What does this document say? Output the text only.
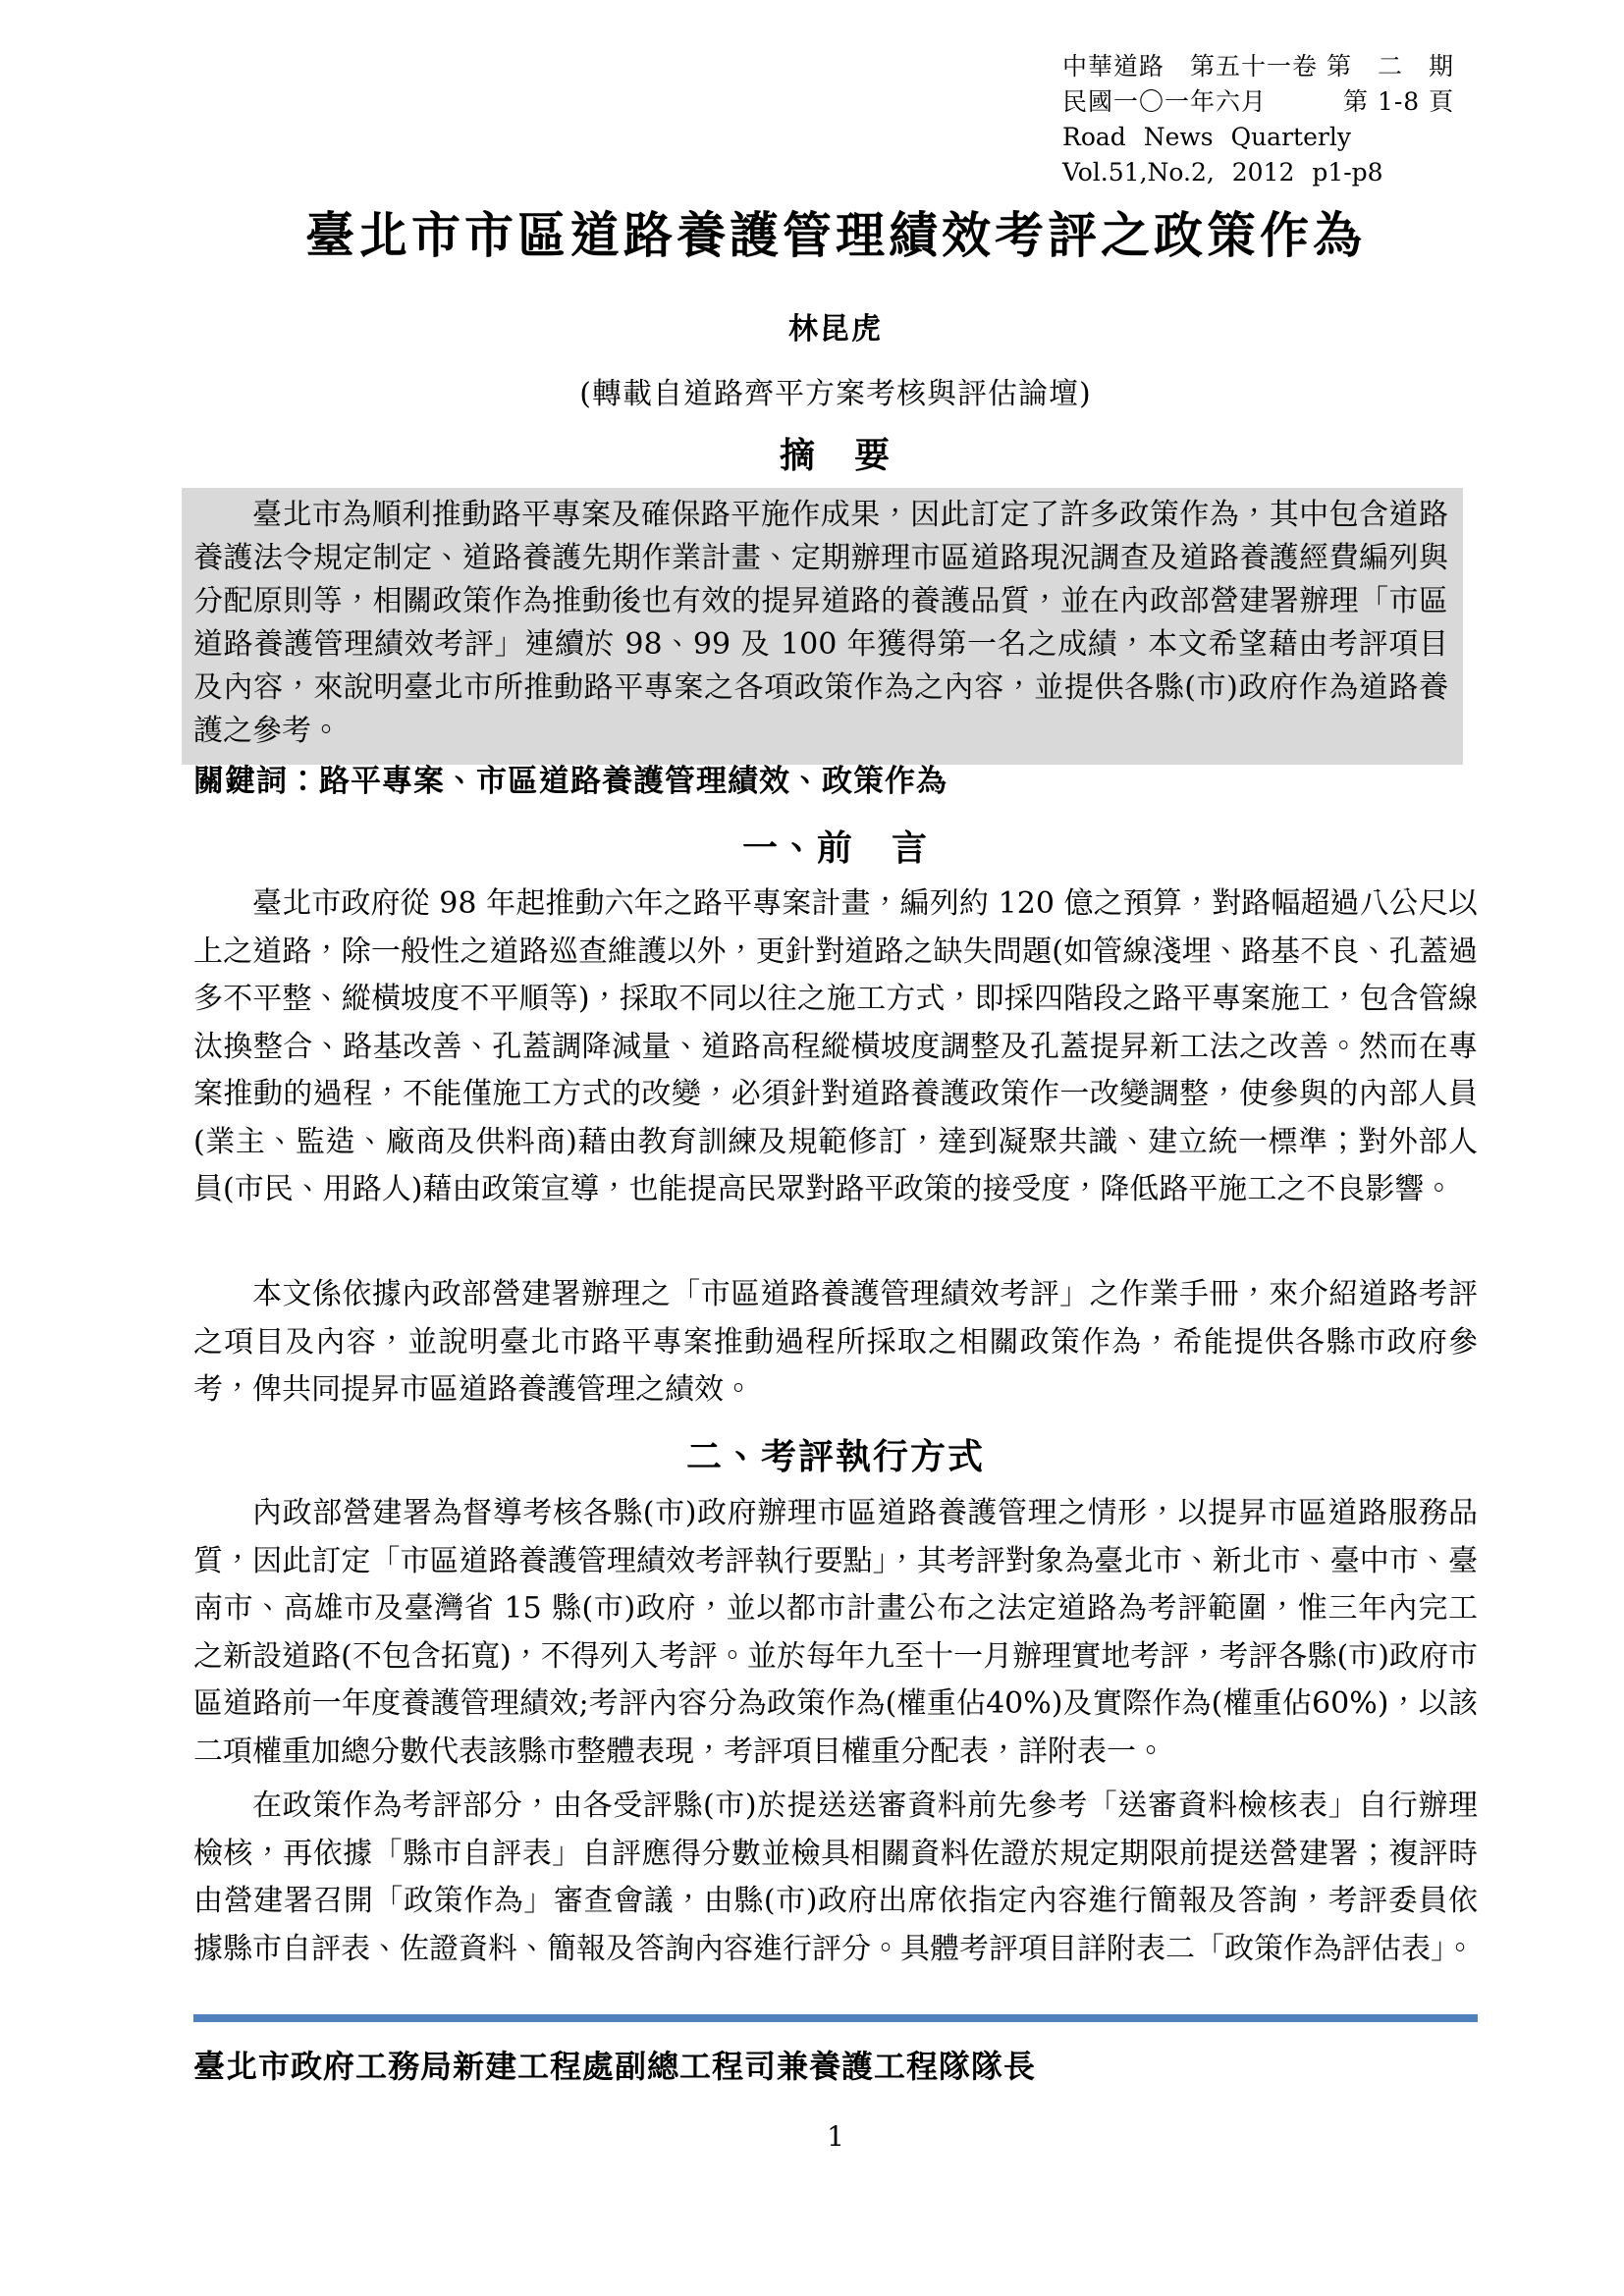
中華道路　第五十一卷 第　二　期
民國一〇一年六月　　　第 1-8 頁
Road News Quarterly
Vol.51,No.2, 2012 p1-p8
臺北市市區道路養護管理績效考評之政策作為
林昆虎
(轉載自道路齊平方案考核與評估論壇)
摘　要
臺北市為順利推動路平專案及確保路平施作成果，因此訂定了許多政策作為，其中包含道路養護法令規定制定、道路養護先期作業計畫、定期辦理市區道路現況調查及道路養護經費編列與分配原則等，相關政策作為推動後也有效的提昇道路的養護品質，並在內政部營建署辦理「市區道路養護管理績效考評」連續於 98、99 及 100 年獲得第一名之成績，本文希望藉由考評項目及內容，來說明臺北市所推動路平專案之各項政策作為之內容，並提供各縣(市)政府作為道路養護之參考。
關鍵詞：路平專案、市區道路養護管理績效、政策作為
一、前　言
臺北市政府從 98 年起推動六年之路平專案計畫，編列約 120 億之預算，對路幅超過八公尺以上之道路，除一般性之道路巡查維護以外，更針對道路之缺失問題(如管線淺埋、路基不良、孔蓋過多不平整、縱橫坡度不平順等)，採取不同以往之施工方式，即採四階段之路平專案施工，包含管線汰換整合、路基改善、孔蓋調降減量、道路高程縱橫坡度調整及孔蓋提昇新工法之改善。然而在專案推動的過程，不能僅施工方式的改變，必須針對道路養護政策作一改變調整，使參與的內部人員(業主、監造、廠商及供料商)藉由教育訓練及規範修訂，達到凝聚共識、建立統一標準；對外部人員(市民、用路人)藉由政策宣導，也能提高民眾對路平政策的接受度，降低路平施工之不良影響。
本文係依據內政部營建署辦理之「市區道路養護管理績效考評」之作業手冊，來介紹道路考評之項目及內容，並說明臺北市路平專案推動過程所採取之相關政策作為，希能提供各縣市政府參考，俾共同提昇市區道路養護管理之績效。
二、考評執行方式
內政部營建署為督導考核各縣(市)政府辦理市區道路養護管理之情形，以提昇市區道路服務品質，因此訂定「市區道路養護管理績效考評執行要點」，其考評對象為臺北市、新北市、臺中市、臺南市、高雄市及臺灣省 15 縣(市)政府，並以都市計畫公布之法定道路為考評範圍，惟三年內完工之新設道路(不包含拓寬)，不得列入考評。並於每年九至十一月辦理實地考評，考評各縣(市)政府市區道路前一年度養護管理績效;考評內容分為政策作為(權重佔40%)及實際作為(權重佔60%)，以該二項權重加總分數代表該縣市整體表現，考評項目權重分配表，詳附表一。
在政策作為考評部分，由各受評縣(市)於提送送審資料前先參考「送審資料檢核表」自行辦理檢核，再依據「縣市自評表」自評應得分數並檢具相關資料佐證於規定期限前提送營建署；複評時由營建署召開「政策作為」審查會議，由縣(市)政府出席依指定內容進行簡報及答詢，考評委員依據縣市自評表、佐證資料、簡報及答詢內容進行評分。具體考評項目詳附表二「政策作為評估表」。
臺北市政府工務局新建工程處副總工程司兼養護工程隊隊長
1
